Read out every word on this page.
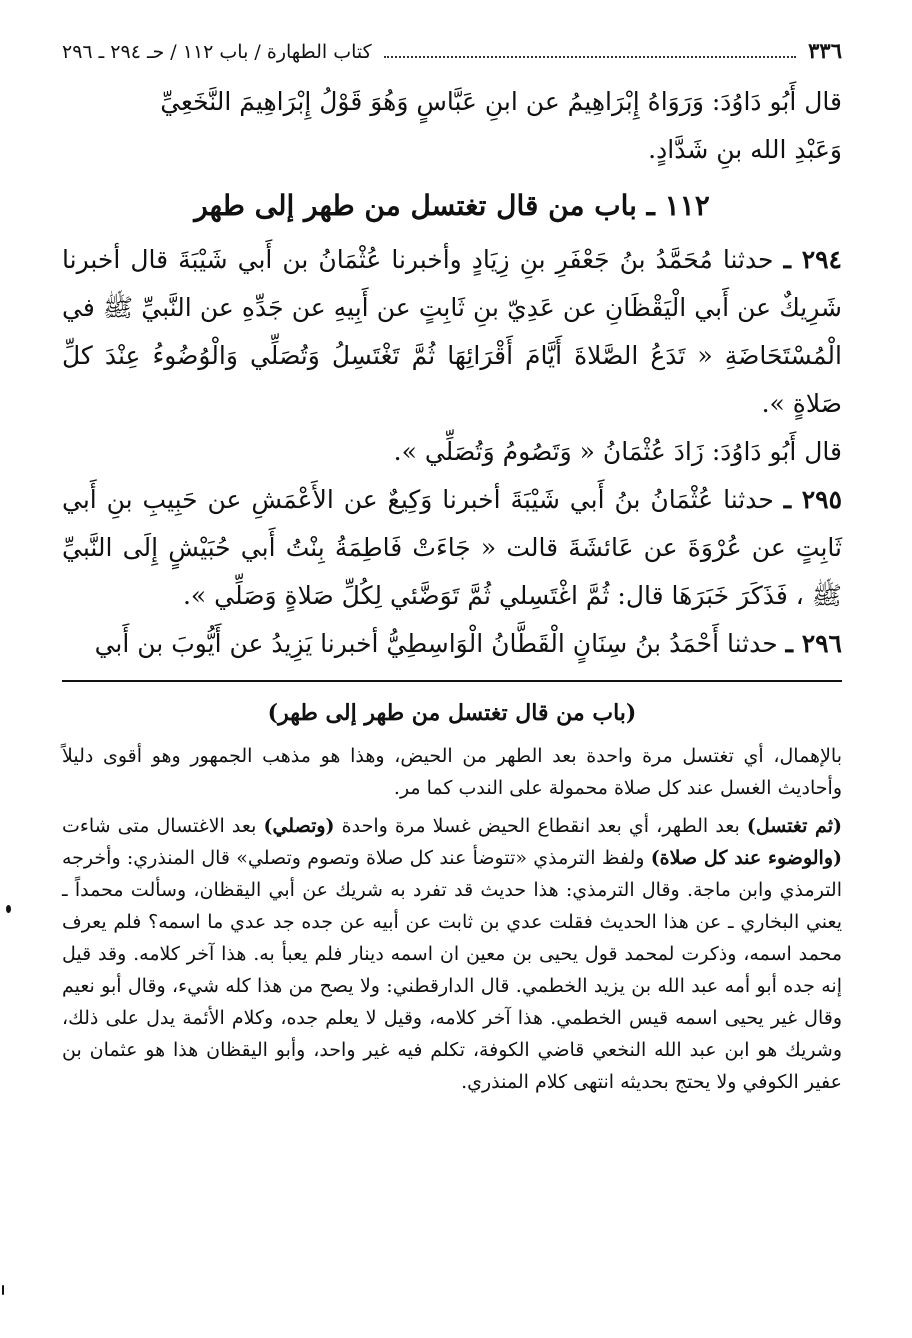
٣٣٦
كتاب الطهارة / باب ١١٢ / حـ ٢٩٤ ـ ٢٩٦

قال أَبُو دَاوُدَ: وَرَوَاهُ إِبْرَاهِيمُ عن ابنِ عَبَّاسٍ وَهُوَ قَوْلُ إِبْرَاهِيمَ النَّخَعِيِّ

وَعَبْدِ الله بنِ شَدَّادٍ.

١١٢ ـ باب من قال تغتسل من طهر إلى طهر

٢٩٤ ـ حدثنا مُحَمَّدُ بنُ جَعْفَرِ بنِ زِيَادٍ وأخبرنا عُثْمَانُ بن أَبي شَيْبَةَ قال أخبرنا شَرِيكٌ عن أَبي الْيَقْظَانِ عن عَدِيّ بنِ ثَابِتٍ عن أَبِيهِ عن جَدِّهِ عن النَّبيِّ ﷺ في الْمُسْتَحَاضَةِ « تَدَعُ الصَّلاةَ أَيَّامَ أَقْرَائِهَا ثُمَّ تَغْتَسِلُ وَتُصَلِّي وَالْوُضُوءُ عِنْدَ كلِّ صَلاةٍ ».

قال أَبُو دَاوُدَ: زَادَ عُثْمَانُ « وَتَصُومُ وَتُصَلِّي ».

٢٩٥ ـ حدثنا عُثْمَانُ بنُ أَبي شَيْبَةَ أخبرنا وَكِيعٌ عن الأَعْمَشِ عن حَبِيبِ بنِ أَبي ثَابِتٍ عن عُرْوَةَ عن عَائشَةَ قالت « جَاءَتْ فَاطِمَةُ بِنْتُ أَبي حُبَيْشٍ إِلَى النَّبيِّ ﷺ ، فَذَكَرَ خَبَرَهَا قال: ثُمَّ اغْتَسِلي ثُمَّ تَوَضَّئي لِكُلِّ صَلاةٍ وَصَلِّي ».

٢٩٦ ـ حدثنا أَحْمَدُ بنُ سِنَانٍ الْقَطَّانُ الْوَاسِطِيُّ أخبرنا يَزِيدُ عن أَيُّوبَ بن أَبي

(باب من قال تغتسل من طهر إلى طهر)

بالإهمال، أي تغتسل مرة واحدة بعد الطهر من الحيض، وهذا هو مذهب الجمهور وهو أقوى دليلاً وأحاديث الغسل عند كل صلاة محمولة على الندب كما مر.

(ثم تغتسل) بعد الطهر، أي بعد انقطاع الحيض غسلا مرة واحدة (وتصلي) بعد الاغتسال متى شاءت (والوضوء عند كل صلاة) ولفظ الترمذي «تتوضأ عند كل صلاة وتصوم وتصلي» قال المنذري: وأخرجه الترمذي وابن ماجة. وقال الترمذي: هذا حديث قد تفرد به شريك عن أبي اليقظان، وسألت محمداً ـ يعني البخاري ـ عن هذا الحديث فقلت عدي بن ثابت عن أبيه عن جده جد عدي ما اسمه؟ فلم يعرف محمد اسمه، وذكرت لمحمد قول يحيى بن معين ان اسمه دينار فلم يعبأ به. هذا آخر كلامه. وقد قيل إنه جده أبو أمه عبد الله بن يزيد الخطمي. قال الدارقطني: ولا يصح من هذا كله شيء، وقال أبو نعيم وقال غير يحيى اسمه قيس الخطمي. هذا آخر كلامه، وقيل لا يعلم جده، وكلام الأئمة يدل على ذلك، وشريك هو ابن عبد الله النخعي قاضي الكوفة، تكلم فيه غير واحد، وأبو اليقظان هذا هو عثمان بن عفير الكوفي ولا يحتج بحديثه انتهى كلام المنذري.
